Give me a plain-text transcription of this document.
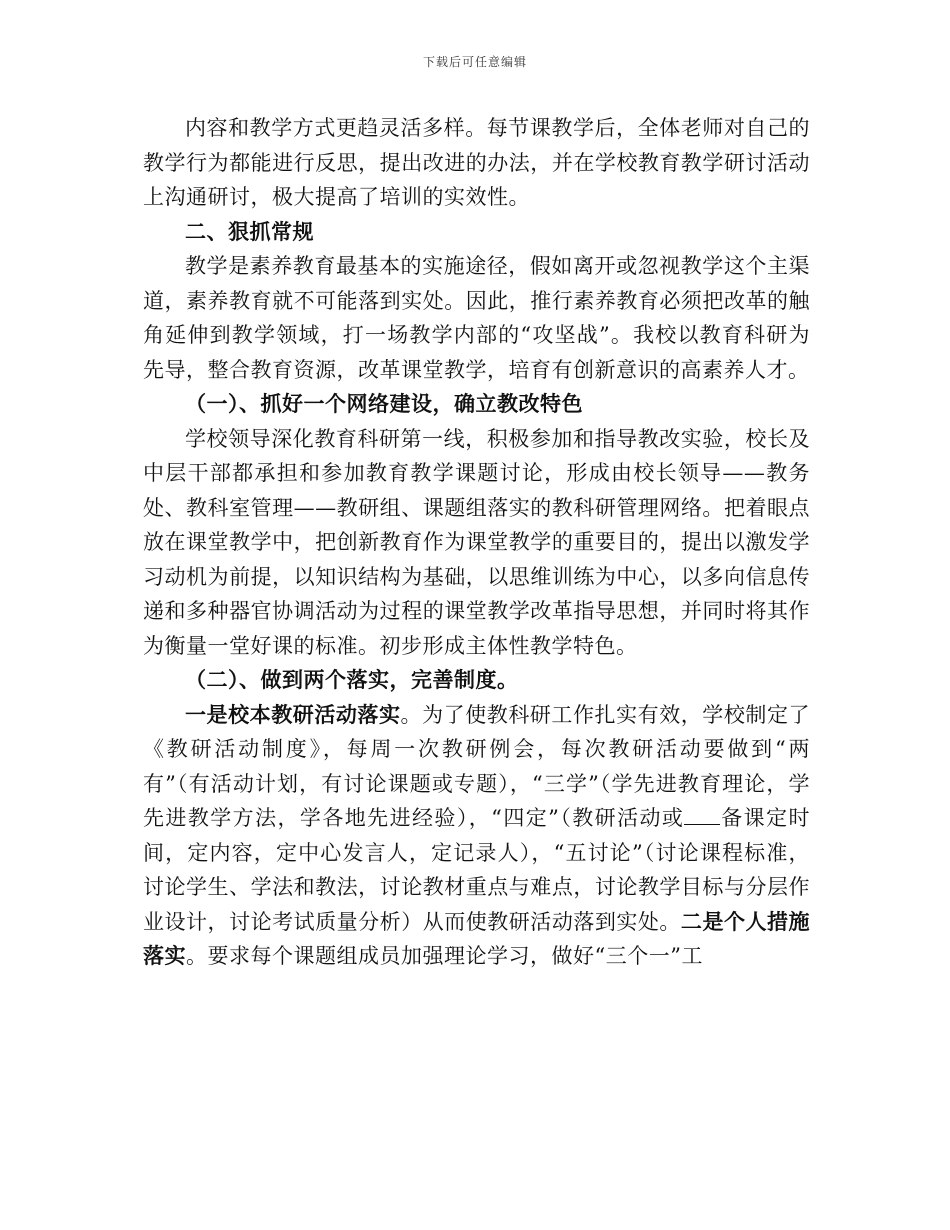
下载后可任意编辑

内容和教学方式更趋灵活多样。每节课教学后，全体老师对自己的教学行为都能进行反思，提出改进的办法，并在学校教育教学研讨活动上沟通研讨，极大提高了培训的实效性。

二、狠抓常规

教学是素养教育最基本的实施途径，假如离开或忽视教学这个主渠道，素养教育就不可能落到实处。因此，推行素养教育必须把改革的触角延伸到教学领域，打一场教学内部的“攻坚战”。我校以教育科研为先导，整合教育资源，改革课堂教学，培育有创新意识的高素养人才。

（一）、抓好一个网络建设，确立教改特色

学校领导深化教育科研第一线，积极参加和指导教改实验，校长及中层干部都承担和参加教育教学课题讨论，形成由校长领导——教务处、教科室管理——教研组、课题组落实的教科研管理网络。把着眼点放在课堂教学中，把创新教育作为课堂教学的重要目的，提出以激发学习动机为前提，以知识结构为基础，以思维训练为中心，以多向信息传递和多种器官协调活动为过程的课堂教学改革指导思想，并同时将其作为衡量一堂好课的标准。初步形成主体性教学特色。

（二）、做到两个落实，完善制度。

一是校本教研活动落实。为了使教科研工作扎实有效，学校制定了《教研活动制度》，每周一次教研例会，每次教研活动要做到“两有”（有活动计划，有讨论课题或专题），“三学”（学先进教育理论，学先进教学方法，学各地先进经验），“四定”（教研活动或 备课定时间，定内容，定中心发言人，定记录人），“五讨论”（讨论课程标准，讨论学生、学法和教法，讨论教材重点与难点，讨论教学目标与分层作业设计，讨论考试质量分析）从而使教研活动落到实处。二是个人措施落实。要求每个课题组成员加强理论学习，做好“三个一”工
